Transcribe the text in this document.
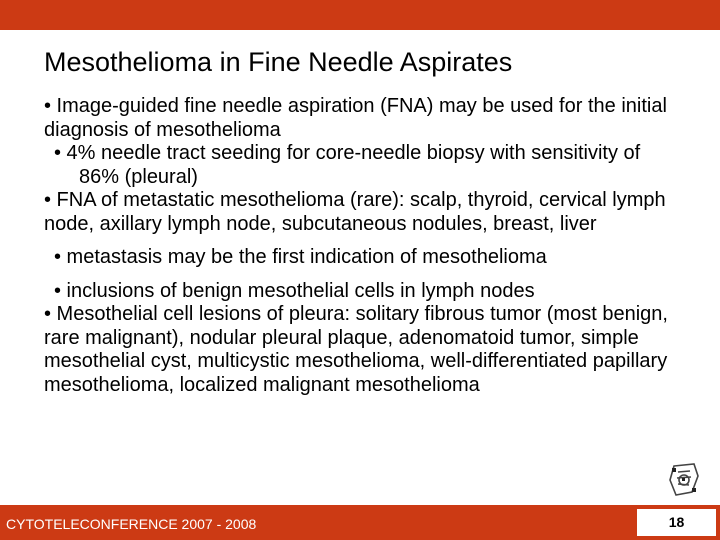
Mesothelioma in Fine Needle Aspirates

• Image-guided fine needle aspiration (FNA) may be used for the initial diagnosis of mesothelioma

• 4% needle tract seeding for core-needle biopsy with sensitivity of 86% (pleural)

• FNA of metastatic mesothelioma (rare): scalp, thyroid, cervical lymph node, axillary lymph node, subcutaneous nodules, breast, liver

• metastasis may be the first indication of mesothelioma

• inclusions of benign mesothelial cells in lymph nodes

• Mesothelial cell lesions of pleura: solitary fibrous tumor (most benign, rare malignant), nodular pleural plaque, adenomatoid tumor, simple mesothelial cyst, multicystic mesothelioma, well-differentiated papillary mesothelioma, localized malignant mesothelioma

CYTOTELECONFERENCE 2007 - 2008	18
